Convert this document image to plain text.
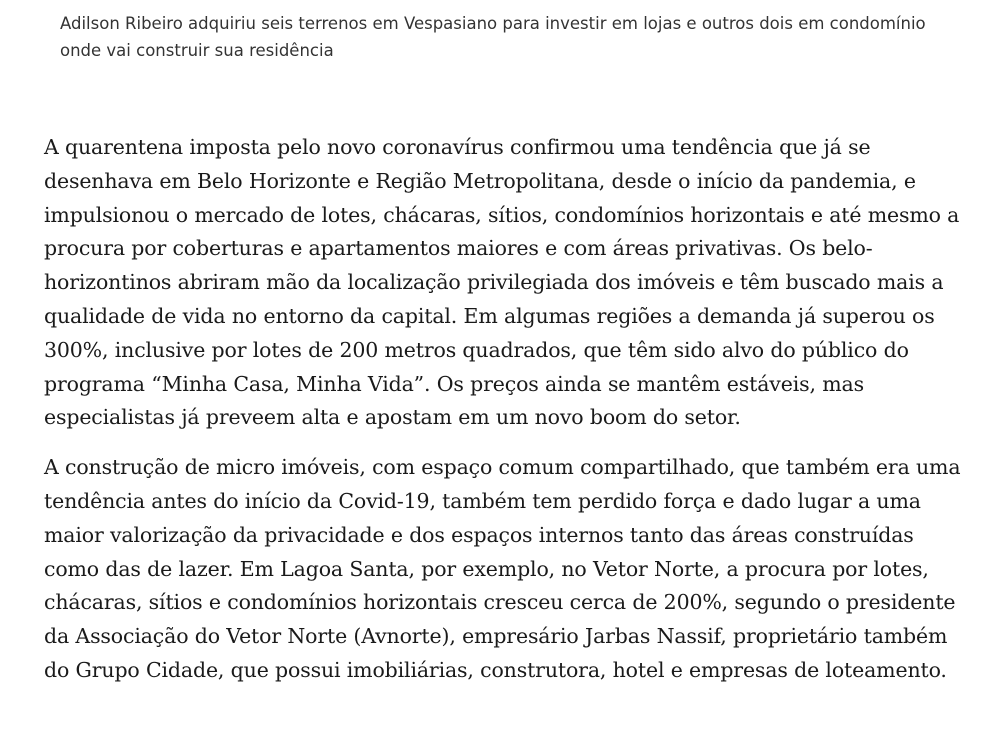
Adilson Ribeiro adquiriu seis terrenos em Vespasiano para investir em lojas e outros dois em condomínio onde vai construir sua residência

A quarentena imposta pelo novo coronavírus confirmou uma tendência que já se desenhava em Belo Horizonte e Região Metropolitana, desde o início da pandemia, e impulsionou o mercado de lotes, chácaras, sítios, condomínios horizontais e até mesmo a procura por coberturas e apartamentos maiores e com áreas privativas. Os belo-horizontinos abriram mão da localização privilegiada dos imóveis e têm buscado mais a qualidade de vida no entorno da capital. Em algumas regiões a demanda já superou os 300%, inclusive por lotes de 200 metros quadrados, que têm sido alvo do público do programa “Minha Casa, Minha Vida”. Os preços ainda se mantêm estáveis, mas especialistas já preveem alta e apostam em um novo boom do setor.

A construção de micro imóveis, com espaço comum compartilhado, que também era uma tendência antes do início da Covid-19, também tem perdido força e dado lugar a uma maior valorização da privacidade e dos espaços internos tanto das áreas construídas como das de lazer. Em Lagoa Santa, por exemplo, no Vetor Norte, a procura por lotes, chácaras, sítios e condomínios horizontais cresceu cerca de 200%, segundo o presidente da Associação do Vetor Norte (Avnorte), empresário Jarbas Nassif, proprietário também do Grupo Cidade, que possui imobiliárias, construtora, hotel e empresas de loteamento.
